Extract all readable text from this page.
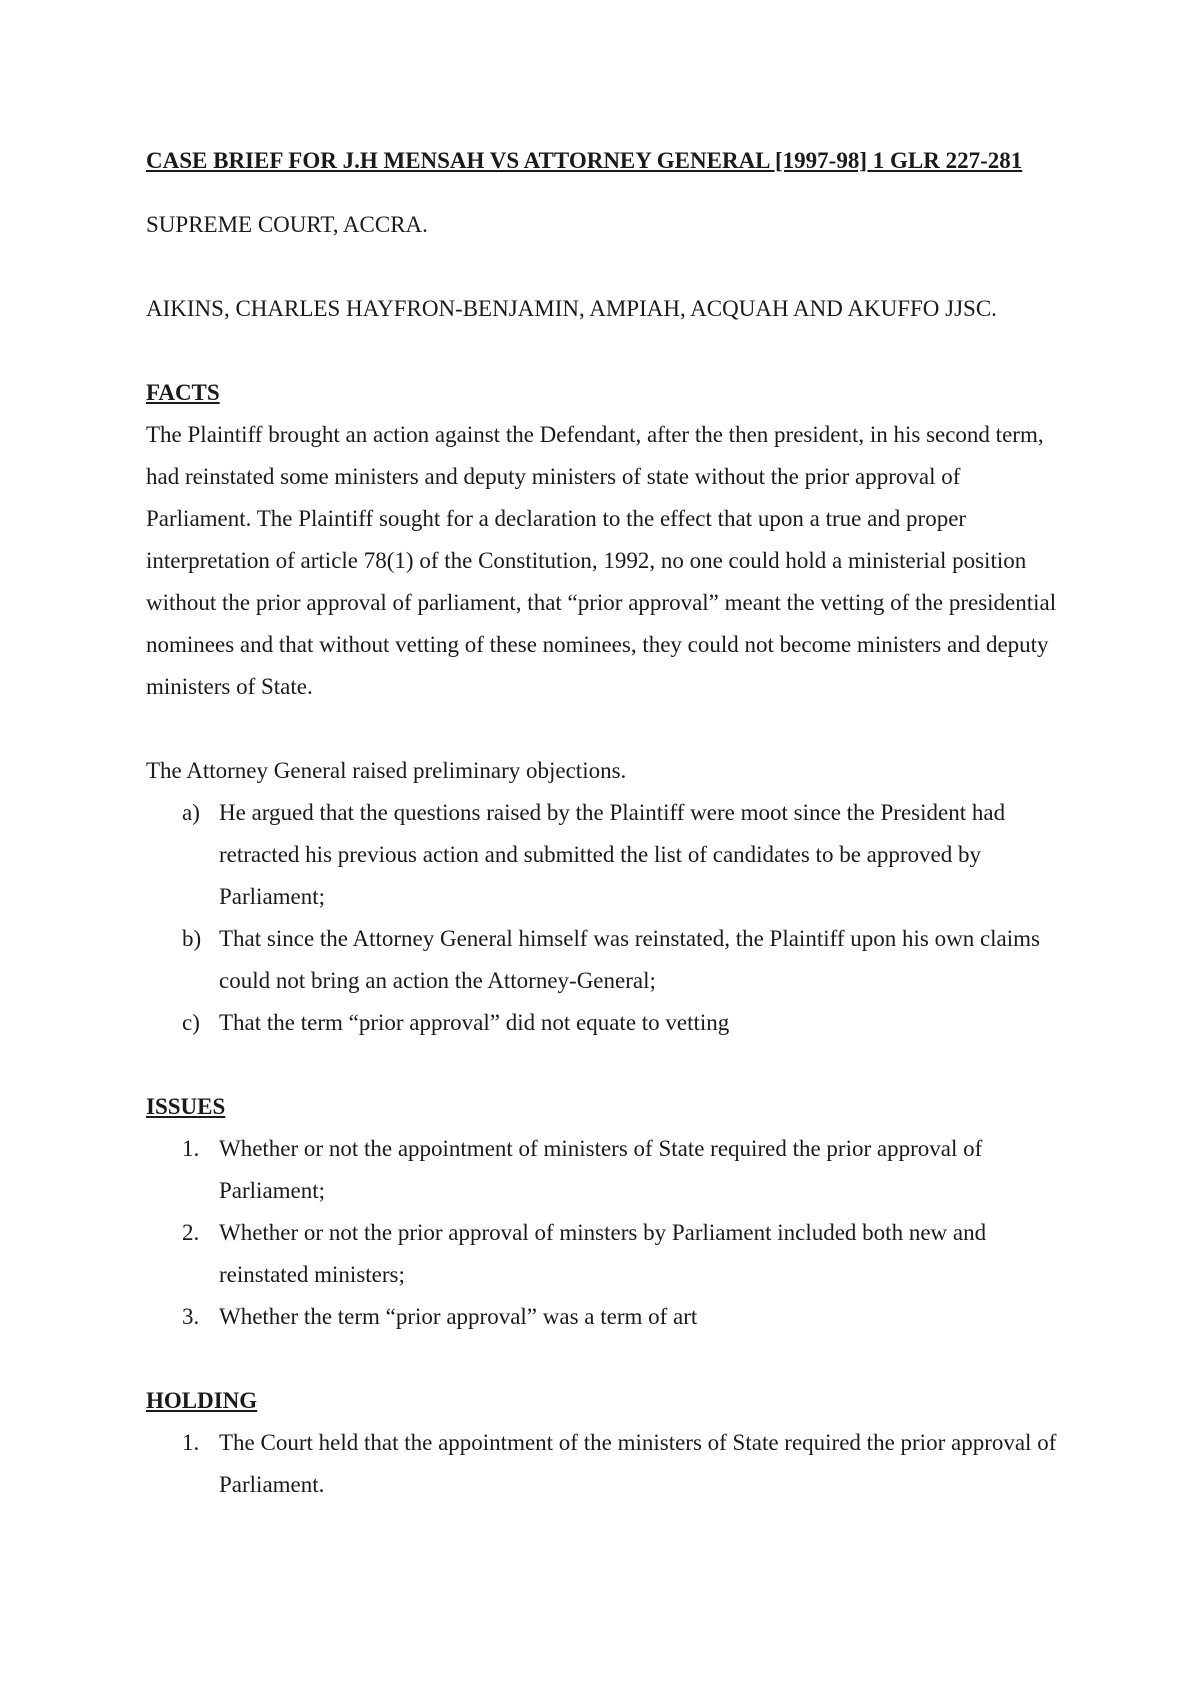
CASE BRIEF FOR J.H MENSAH VS ATTORNEY GENERAL [1997-98] 1 GLR 227-281

SUPREME COURT, ACCRA.

AIKINS, CHARLES HAYFRON-BENJAMIN, AMPIAH, ACQUAH AND AKUFFO JJSC.

FACTS

The Plaintiff brought an action against the Defendant, after the then president, in his second term, had reinstated some ministers and deputy ministers of state without the prior approval of Parliament. The Plaintiff sought for a declaration to the effect that upon a true and proper interpretation of article 78(1) of the Constitution, 1992, no one could hold a ministerial position without the prior approval of parliament, that “prior approval” meant the vetting of the presidential nominees and that without vetting of these nominees, they could not become ministers and deputy ministers of State.

The Attorney General raised preliminary objections.

a) He argued that the questions raised by the Plaintiff were moot since the President had retracted his previous action and submitted the list of candidates to be approved by Parliament;
b) That since the Attorney General himself was reinstated, the Plaintiff upon his own claims could not bring an action the Attorney-General;
c) That the term “prior approval” did not equate to vetting

ISSUES

1. Whether or not the appointment of ministers of State required the prior approval of Parliament;
2. Whether or not the prior approval of minsters by Parliament included both new and reinstated ministers;
3. Whether the term “prior approval” was a term of art

HOLDING

1. The Court held that the appointment of the ministers of State required the prior approval of Parliament.
